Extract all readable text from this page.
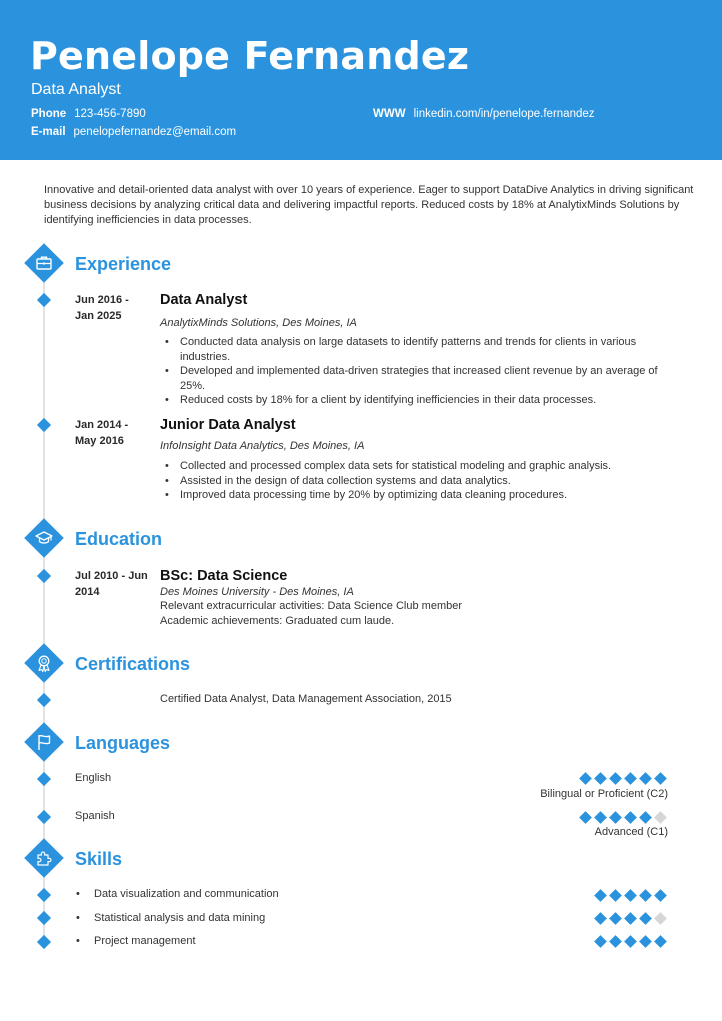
Penelope Fernandez
Data Analyst
Phone 123-456-7890
E-mail penelopefernandez@email.com
WWW linkedin.com/in/penelope.fernandez
Innovative and detail-oriented data analyst with over 10 years of experience. Eager to support DataDive Analytics in driving significant business decisions by analyzing critical data and delivering impactful reports. Reduced costs by 18% at AnalytixMinds Solutions by identifying inefficiencies in data processes.
Experience
Jun 2016 -
Jan 2025
Data Analyst
AnalytixMinds Solutions, Des Moines, IA
• Conducted data analysis on large datasets to identify patterns and trends for clients in various industries.
• Developed and implemented data-driven strategies that increased client revenue by an average of 25%.
• Reduced costs by 18% for a client by identifying inefficiencies in their data processes.
Jan 2014 -
May 2016
Junior Data Analyst
InfoInsight Data Analytics, Des Moines, IA
• Collected and processed complex data sets for statistical modeling and graphic analysis.
• Assisted in the design of data collection systems and data analytics.
• Improved data processing time by 20% by optimizing data cleaning procedures.
Education
Jul 2010 - Jun
2014
BSc: Data Science
Des Moines University - Des Moines, IA
Relevant extracurricular activities: Data Science Club member
Academic achievements: Graduated cum laude.
Certifications
Certified Data Analyst, Data Management Association, 2015
Languages
English
Bilingual or Proficient (C2)
Spanish
Advanced (C1)
Skills
• Data visualization and communication
• Statistical analysis and data mining
• Project management
